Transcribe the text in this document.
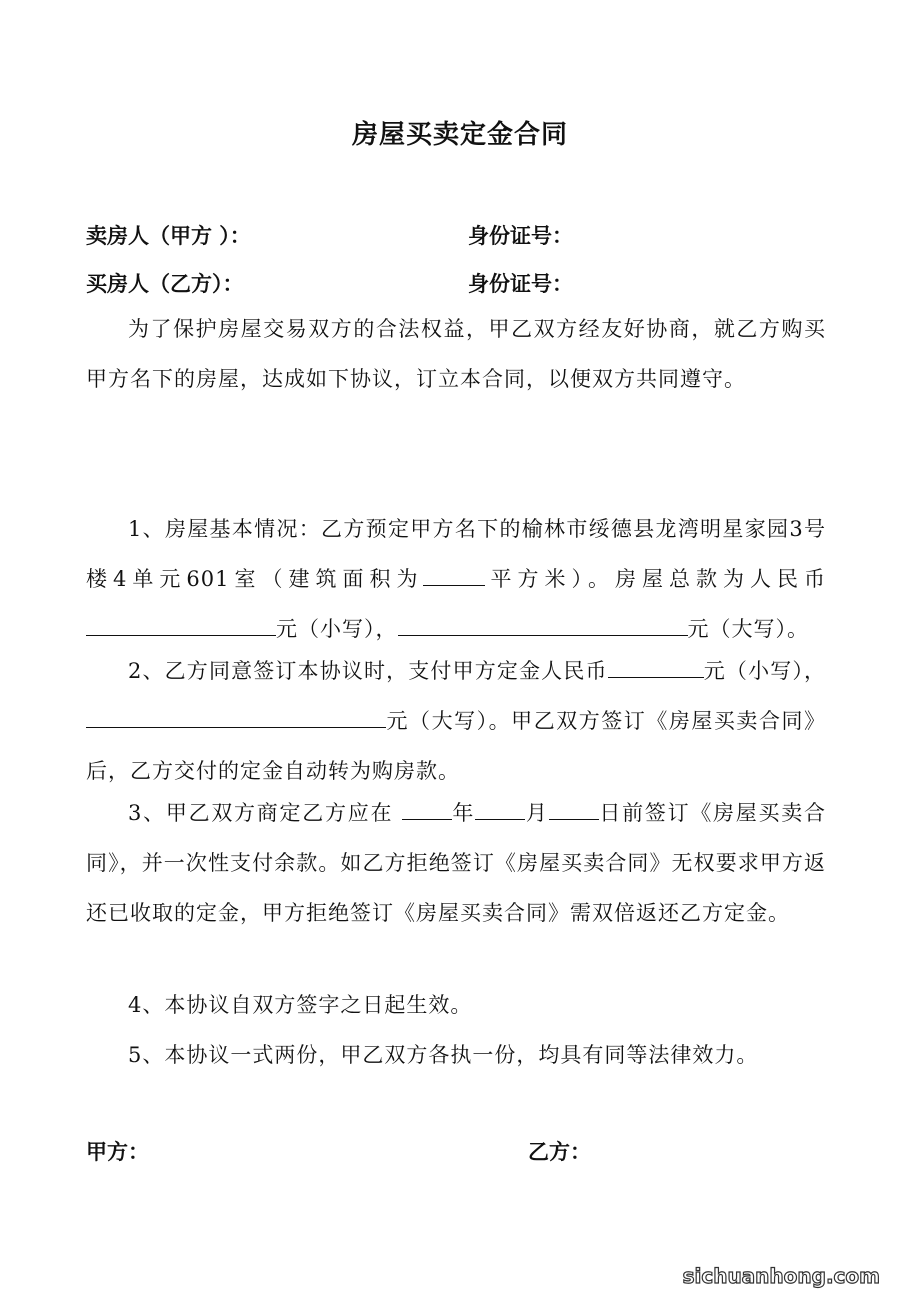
房屋买卖定金合同
卖房人（甲方 ）：	身份证号：
买房人（乙方）：	身份证号：
为了保护房屋交易双方的合法权益，甲乙双方经友好协商，就乙方购买甲方名下的房屋，达成如下协议，订立本合同，以便双方共同遵守。
1、房屋基本情况：乙方预定甲方名下的榆林市绥德县龙湾明星家园3号楼4单元601室（建筑面积为	平方米）。房屋总款为人民币元（小写），	元（大写）。
2、乙方同意签订本协议时，支付甲方定金人民币	元（小写），元（大写）。甲乙双方签订《房屋买卖合同》后，乙方交付的定金自动转为购房款。
3、甲乙双方商定乙方应在 年 月 日前签订《房屋买卖合同》，并一次性支付余款。如乙方拒绝签订《房屋买卖合同》无权要求甲方返还已收取的定金，甲方拒绝签订《房屋买卖合同》需双倍返还乙方定金。
4、本协议自双方签字之日起生效。
5、本协议一式两份，甲乙双方各执一份，均具有同等法律效力。
甲方：	乙方：
sichuanhong.com
